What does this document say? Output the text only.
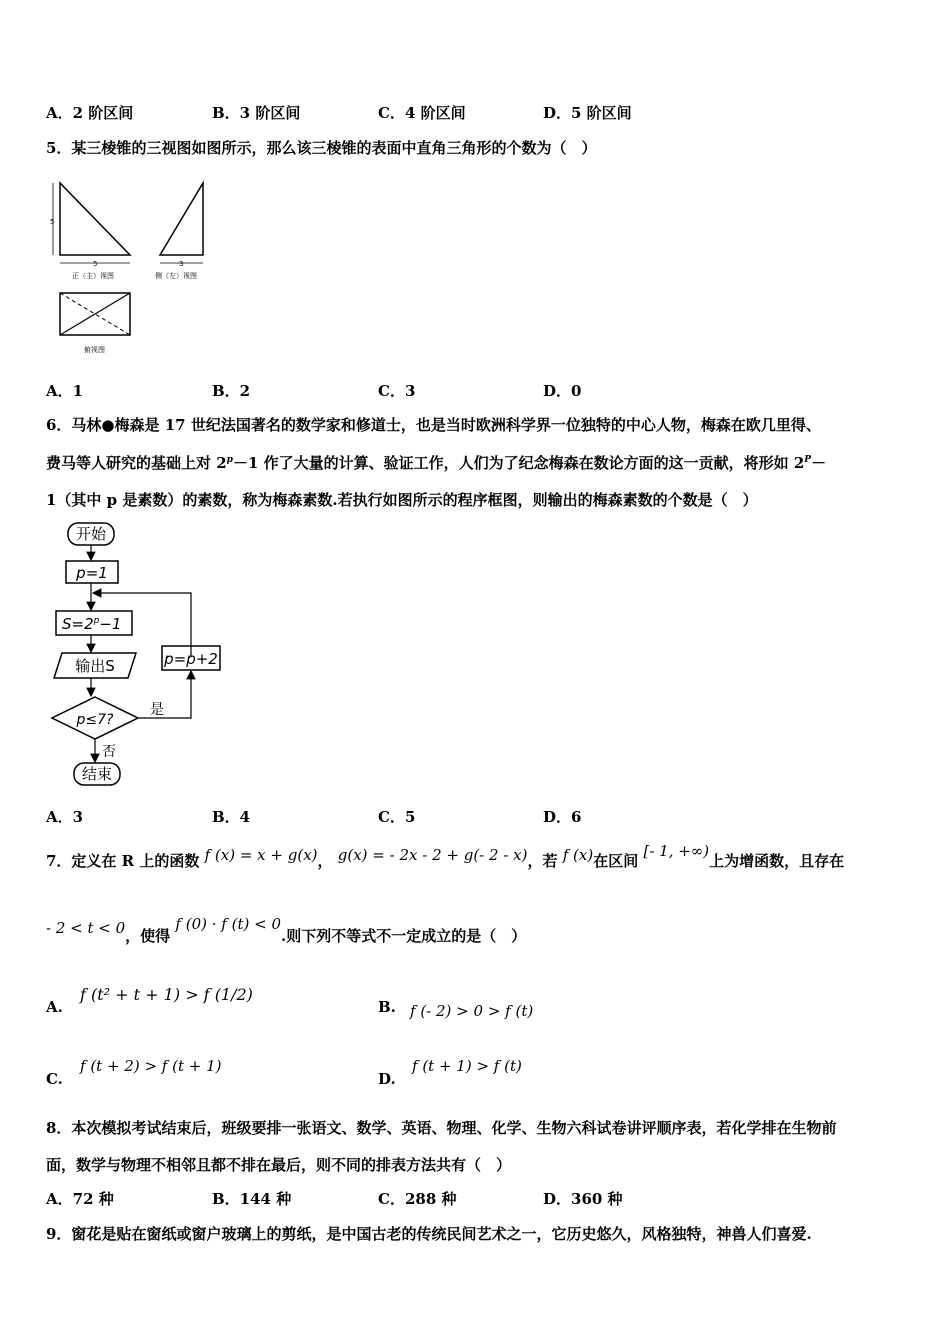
A．2 阶区间	B．3 阶区间	C．4 阶区间	D．5 阶区间
5．某三棱锥的三视图如图所示，那么该三棱锥的表面中直角三角形的个数为（　）
5
5
正（主）视图
3
侧（左）视图
俯视图
A．1	B．2	C．3	D．0
6．马林●梅森是 17 世纪法国著名的数学家和修道士，也是当时欧洲科学界一位独特的中心人物，梅森在欧几里得、
费马等人研究的基础上对 $2^p-1$ 作了大量的计算、验证工作，人们为了纪念梅森在数论方面的这一贡献，将形如 $2^P-$
1（其中 p 是素数）的素数，称为梅森素数.若执行如图所示的程序框图，则输出的梅森素数的个数是（　）
开始
p=1
$S=2^p-1$
输出S	p=p+2
p≤7?
是
否
结束
A．3	B．4	C．5	D．6
7．定义在 R 上的函数 f (x) = x + g(x)， g(x) = - 2x - 2 + g(- 2 - x)，若 f (x)在区间 [- 1, +∞)上为增函数，且存在
- 2 < t < 0，使得 f (0) · f (t) < 0.则下列不等式不一定成立的是（　）
A.
f (t² + t + 1) > f (1/2)
B. f (- 2) > 0 > f (t)
C.
f (t + 2) > f (t + 1)
D.
f (t + 1) > f (t)
8．本次模拟考试结束后，班级要排一张语文、数学、英语、物理、化学、生物六科试卷讲评顺序表，若化学排在生物前
面，数学与物理不相邻且都不排在最后，则不同的排表方法共有（　）
A．72 种	B．144 种	C．288 种	D．360 种
9．窗花是贴在窗纸或窗户玻璃上的剪纸，是中国古老的传统民间艺术之一，它历史悠久，风格独特，神兽人们喜爱.
